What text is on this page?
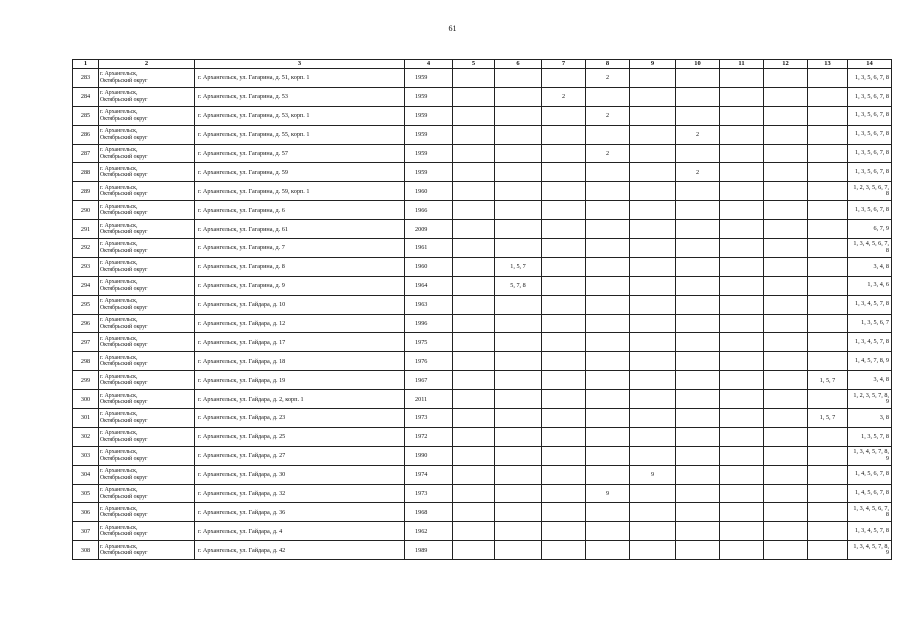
61
1	2	3	4	5	6	7	8	9	10	11	12	13	14
283	г. Архангельск,
Октябрьский округ	г. Архангельск, ул. Гагарина, д. 51, корп. 1	1959				2						1, 3, 5, 6, 7, 8
284	г. Архангельск,
Октябрьский округ	г. Архангельск, ул. Гагарина, д. 53	1959			2							1, 3, 5, 6, 7, 8
285	г. Архангельск,
Октябрьский округ	г. Архангельск, ул. Гагарина, д. 53, корп. 1	1959				2						1, 3, 5, 6, 7, 8
286	г. Архангельск,
Октябрьский округ	г. Архангельск, ул. Гагарина, д. 55, корп. 1	1959						2				1, 3, 5, 6, 7, 8
287	г. Архангельск,
Октябрьский округ	г. Архангельск, ул. Гагарина, д. 57	1959				2						1, 3, 5, 6, 7, 8
288	г. Архангельск,
Октябрьский округ	г. Архангельск, ул. Гагарина, д. 59	1959						2				1, 3, 5, 6, 7, 8
289	г. Архангельск,
Октябрьский округ	г. Архангельск, ул. Гагарина, д. 59, корп. 1	1960										1, 2, 3, 5, 6, 7, 8
290	г. Архангельск,
Октябрьский округ	г. Архангельск, ул. Гагарина, д. 6	1966										1, 3, 5, 6, 7, 8
291	г. Архангельск,
Октябрьский округ	г. Архангельск, ул. Гагарина, д. 61	2009										6, 7, 9
292	г. Архангельск,
Октябрьский округ	г. Архангельск, ул. Гагарина, д. 7	1961										1, 3, 4, 5, 6, 7, 8
293	г. Архангельск,
Октябрьский округ	г. Архангельск, ул. Гагарина, д. 8	1960		1, 5, 7								3, 4, 8
294	г. Архангельск,
Октябрьский округ	г. Архангельск, ул. Гагарина, д. 9	1964		5, 7, 8								1, 3, 4, 6
295	г. Архангельск,
Октябрьский округ	г. Архангельск, ул. Гайдара, д. 10	1963										1, 3, 4, 5, 7, 8
296	г. Архангельск,
Октябрьский округ	г. Архангельск, ул. Гайдара, д. 12	1996										1, 3, 5, 6, 7
297	г. Архангельск,
Октябрьский округ	г. Архангельск, ул. Гайдара, д. 17	1975										1, 3, 4, 5, 7, 8
298	г. Архангельск,
Октябрьский округ	г. Архангельск, ул. Гайдара, д. 18	1976										1, 4, 5, 7, 8, 9
299	г. Архангельск,
Октябрьский округ	г. Архангельск, ул. Гайдара, д. 19	1967									1, 5, 7	3, 4, 8
300	г. Архангельск,
Октябрьский округ	г. Архангельск, ул. Гайдара, д. 2, корп. 1	2011										1, 2, 3, 5, 7, 8, 9
301	г. Архангельск,
Октябрьский округ	г. Архангельск, ул. Гайдара, д. 23	1973									1, 5, 7	3, 8
302	г. Архангельск,
Октябрьский округ	г. Архангельск, ул. Гайдара, д. 25	1972										1, 3, 5, 7, 8
303	г. Архангельск,
Октябрьский округ	г. Архангельск, ул. Гайдара, д. 27	1990										1, 3, 4, 5, 7, 8, 9
304	г. Архангельск,
Октябрьский округ	г. Архангельск, ул. Гайдара, д. 30	1974					9					1, 4, 5, 6, 7, 8
305	г. Архангельск,
Октябрьский округ	г. Архангельск, ул. Гайдара, д. 32	1973				9						1, 4, 5, 6, 7, 8
306	г. Архангельск,
Октябрьский округ	г. Архангельск, ул. Гайдара, д. 36	1968										1, 3, 4, 5, 6, 7, 8
307	г. Архангельск,
Октябрьский округ	г. Архангельск, ул. Гайдара, д. 4	1962										1, 3, 4, 5, 7, 8
308	г. Архангельск,
Октябрьский округ	г. Архангельск, ул. Гайдара, д. 42	1989										1, 3, 4, 5, 7, 8, 9
